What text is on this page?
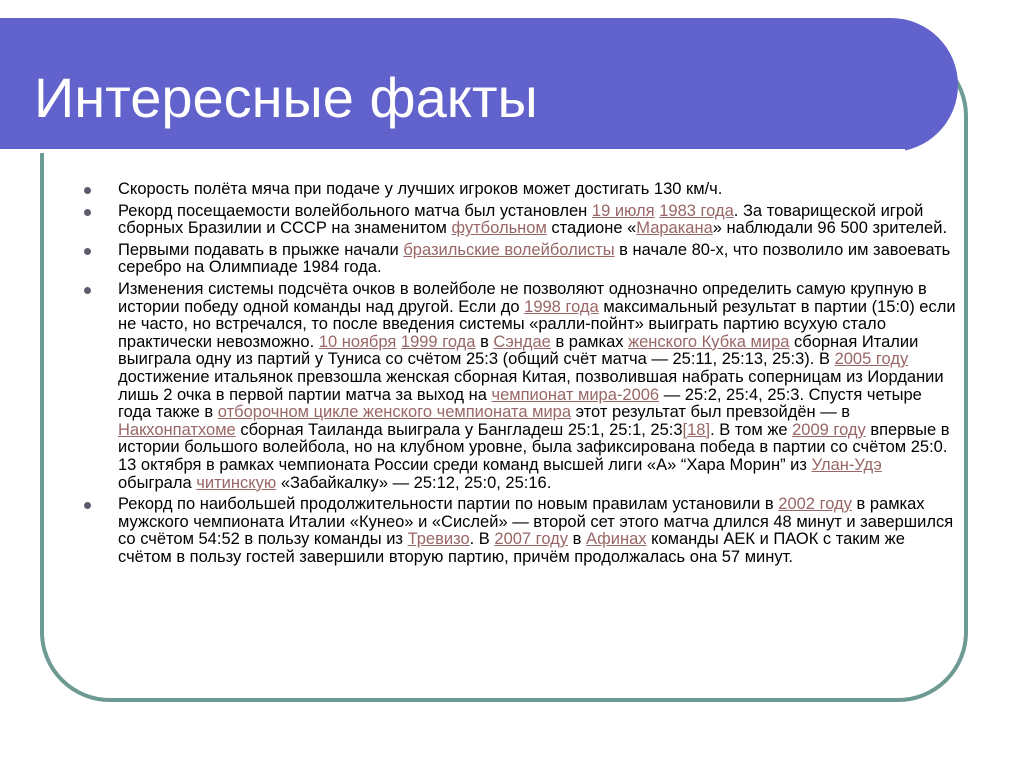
Интересные факты
Скорость полёта мяча при подаче у лучших игроков может достигать 130 км/ч.
Рекорд посещаемости волейбольного матча был установлен 19 июля 1983 года. За товарищеской игрой сборных Бразилии и СССР на знаменитом футбольном стадионе «Маракана» наблюдали 96 500 зрителей.
Первыми подавать в прыжке начали бразильские волейболисты в начале 80-х, что позволило им завоевать серебро на Олимпиаде 1984 года.
Изменения системы подсчёта очков в волейболе не позволяют однозначно определить самую крупную в истории победу одной команды над другой. Если до 1998 года максимальный результат в партии (15:0) если не часто, но встречался, то после введения системы «ралли-пойнт» выиграть партию всухую стало практически невозможно. 10 ноября 1999 года в Сэндае в рамках женского Кубка мира сборная Италии выиграла одну из партий у Туниса со счётом 25:3 (общий счёт матча — 25:11, 25:13, 25:3). В 2005 году достижение итальянок превзошла женская сборная Китая, позволившая набрать соперницам из Иордании лишь 2 очка в первой партии матча за выход на чемпионат мира-2006 — 25:2, 25:4, 25:3. Спустя четыре года также в отборочном цикле женского чемпионата мира этот результат был превзойдён — в Накхонпатхоме сборная Таиланда выиграла у Бангладеш 25:1, 25:1, 25:3[18]. В том же 2009 году впервые в истории большого волейбола, но на клубном уровне, была зафиксирована победа в партии со счётом 25:0. 13 октября в рамках чемпионата России среди команд высшей лиги «А» “Хара Морин” из Улан-Удэ обыграла читинскую «Забайкалку» — 25:12, 25:0, 25:16.
Рекорд по наибольшей продолжительности партии по новым правилам установили в 2002 году в рамках мужского чемпионата Италии «Кунео» и «Сислей» — второй сет этого матча длился 48 минут и завершился со счётом 54:52 в пользу команды из Тревизо. В 2007 году в Афинах команды АЕК и ПАОК с таким же счётом в пользу гостей завершили вторую партию, причём продолжалась она 57 минут.
